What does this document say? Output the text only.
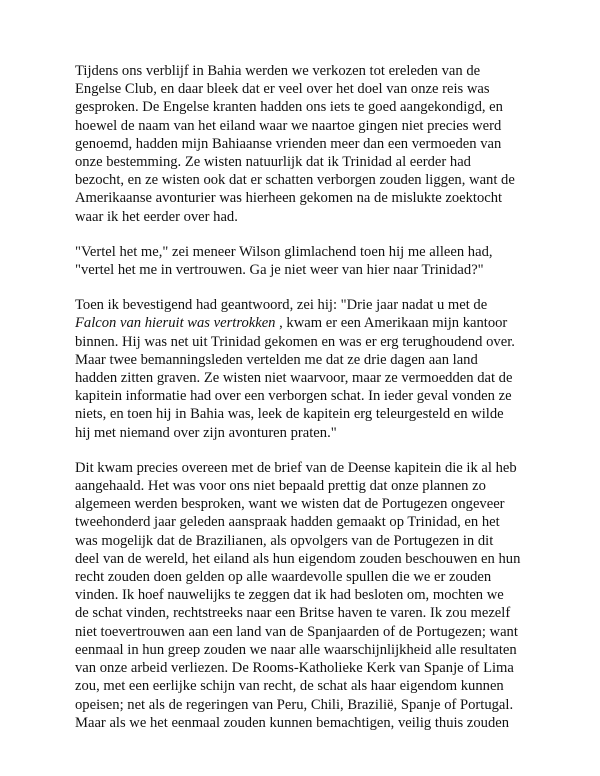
Tijdens ons verblijf in Bahia werden we verkozen tot ereleden van de
Engelse Club, en daar bleek dat er veel over het doel van onze reis was
gesproken. De Engelse kranten hadden ons iets te goed aangekondigd, en
hoewel de naam van het eiland waar we naartoe gingen niet precies werd
genoemd, hadden mijn Bahiaanse vrienden meer dan een vermoeden van
onze bestemming. Ze wisten natuurlijk dat ik Trinidad al eerder had
bezocht, en ze wisten ook dat er schatten verborgen zouden liggen, want de
Amerikaanse avonturier was hierheen gekomen na de mislukte zoektocht
waar ik het eerder over had.

"Vertel het me," zei meneer Wilson glimlachend toen hij me alleen had,
"vertel het me in vertrouwen. Ga je niet weer van hier naar Trinidad?"

Toen ik bevestigend had geantwoord, zei hij: "Drie jaar nadat u met de
Falcon van hieruit was vertrokken , kwam er een Amerikaan mijn kantoor
binnen. Hij was net uit Trinidad gekomen en was er erg terughoudend over.
Maar twee bemanningsleden vertelden me dat ze drie dagen aan land
hadden zitten graven. Ze wisten niet waarvoor, maar ze vermoedden dat de
kapitein informatie had over een verborgen schat. In ieder geval vonden ze
niets, en toen hij in Bahia was, leek de kapitein erg teleurgesteld en wilde
hij met niemand over zijn avonturen praten."

Dit kwam precies overeen met de brief van de Deense kapitein die ik al heb
aangehaald. Het was voor ons niet bepaald prettig dat onze plannen zo
algemeen werden besproken, want we wisten dat de Portugezen ongeveer
tweehonderd jaar geleden aanspraak hadden gemaakt op Trinidad, en het
was mogelijk dat de Brazilianen, als opvolgers van de Portugezen in dit
deel van de wereld, het eiland als hun eigendom zouden beschouwen en hun
recht zouden doen gelden op alle waardevolle spullen die we er zouden
vinden. Ik hoef nauwelijks te zeggen dat ik had besloten om, mochten we
de schat vinden, rechtstreeks naar een Britse haven te varen. Ik zou mezelf
niet toevertrouwen aan een land van de Spanjaarden of de Portugezen; want
eenmaal in hun greep zouden we naar alle waarschijnlijkheid alle resultaten
van onze arbeid verliezen. De Rooms-Katholieke Kerk van Spanje of Lima
zou, met een eerlijke schijn van recht, de schat als haar eigendom kunnen
opeisen; net als de regeringen van Peru, Chili, Brazilië, Spanje of Portugal.
Maar als we het eenmaal zouden kunnen bemachtigen, veilig thuis zouden
